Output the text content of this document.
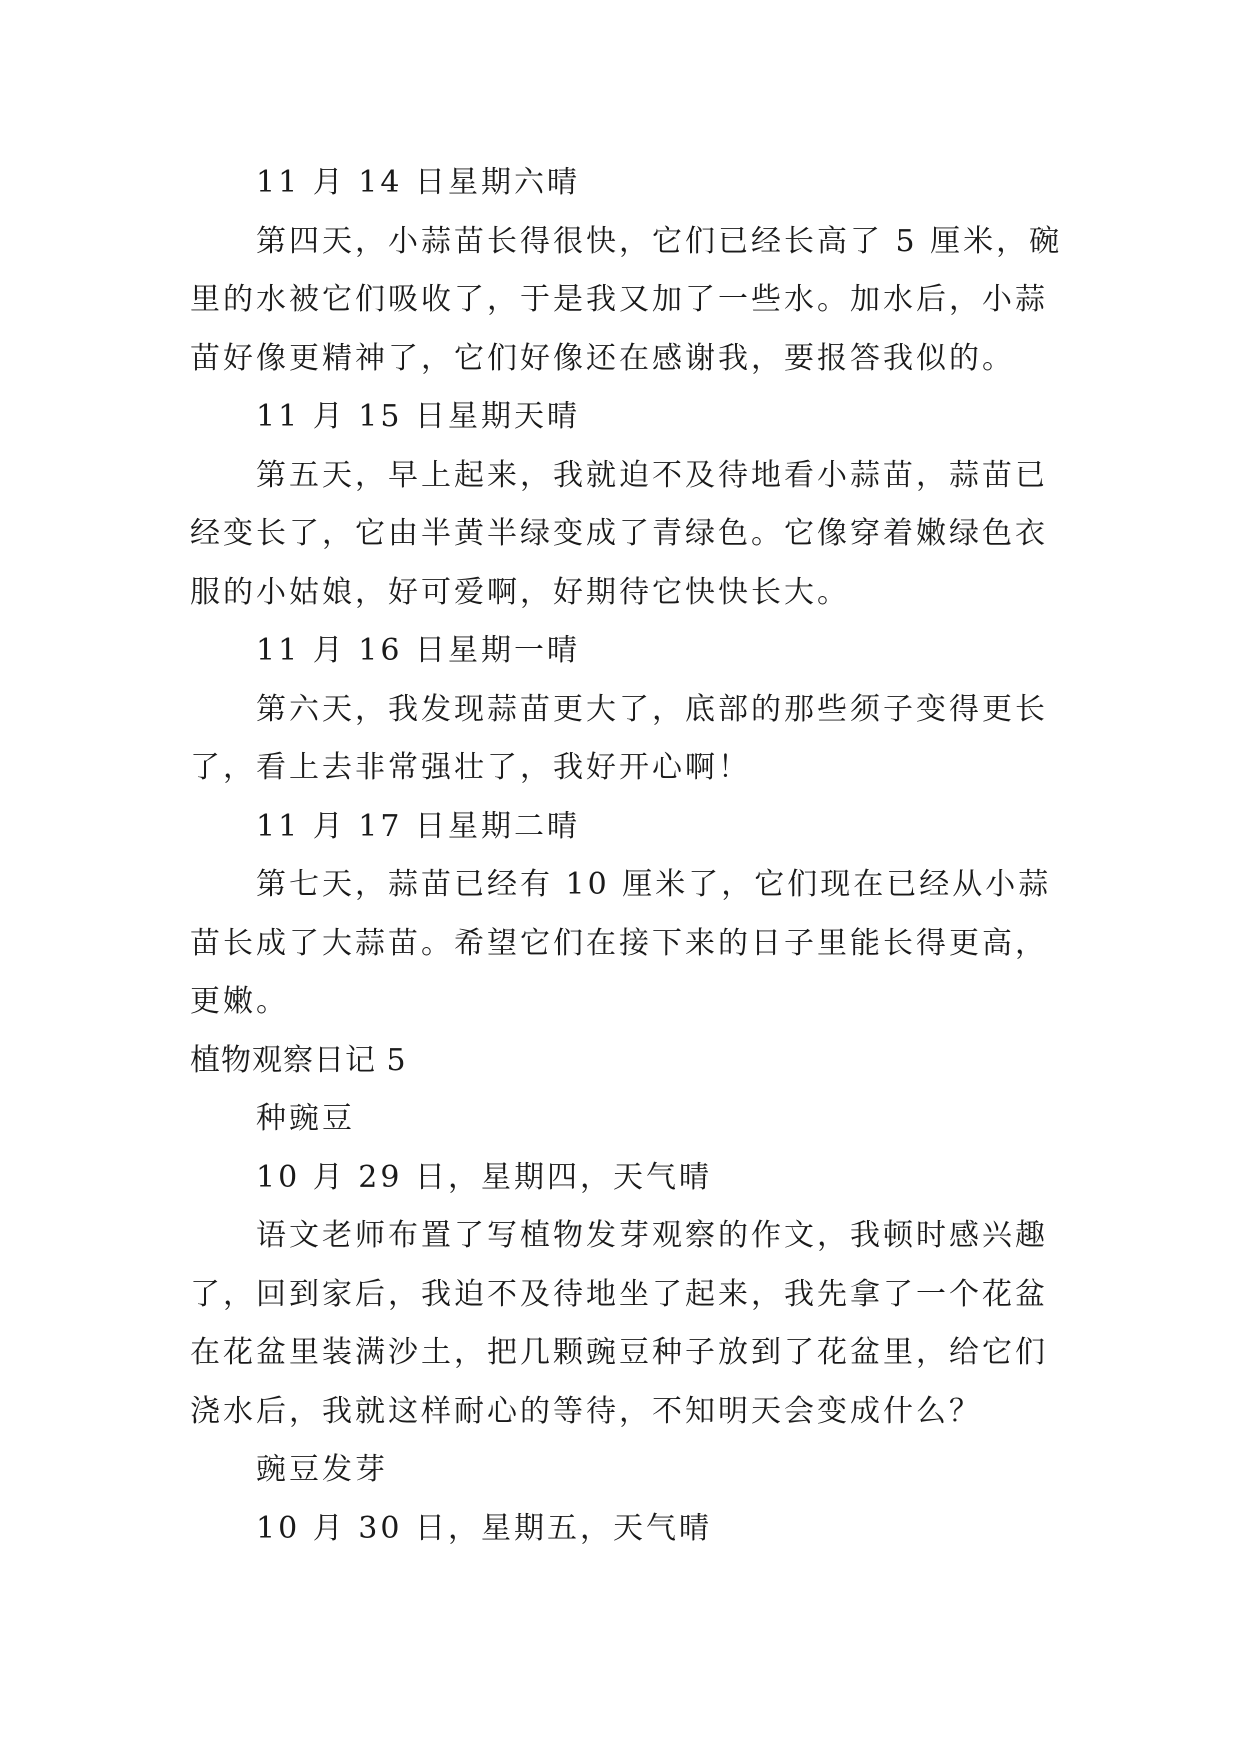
11 月 14 日星期六晴
第四天，小蒜苗长得很快，它们已经长高了 5 厘米，碗
里的水被它们吸收了，于是我又加了一些水。加水后，小蒜
苗好像更精神了，它们好像还在感谢我，要报答我似的。
11 月 15 日星期天晴
第五天，早上起来，我就迫不及待地看小蒜苗，蒜苗已
经变长了，它由半黄半绿变成了青绿色。它像穿着嫩绿色衣
服的小姑娘，好可爱啊，好期待它快快长大。
11 月 16 日星期一晴
第六天，我发现蒜苗更大了，底部的那些须子变得更长
了，看上去非常强壮了，我好开心啊！
11 月 17 日星期二晴
第七天，蒜苗已经有 10 厘米了，它们现在已经从小蒜
苗长成了大蒜苗。希望它们在接下来的日子里能长得更高，
更嫩。
植物观察日记 5
种豌豆
10 月 29 日，星期四，天气晴
语文老师布置了写植物发芽观察的作文，我顿时感兴趣
了，回到家后，我迫不及待地坐了起来，我先拿了一个花盆
在花盆里装满沙土，把几颗豌豆种子放到了花盆里，给它们
浇水后，我就这样耐心的等待，不知明天会变成什么？
豌豆发芽
10 月 30 日，星期五，天气晴
